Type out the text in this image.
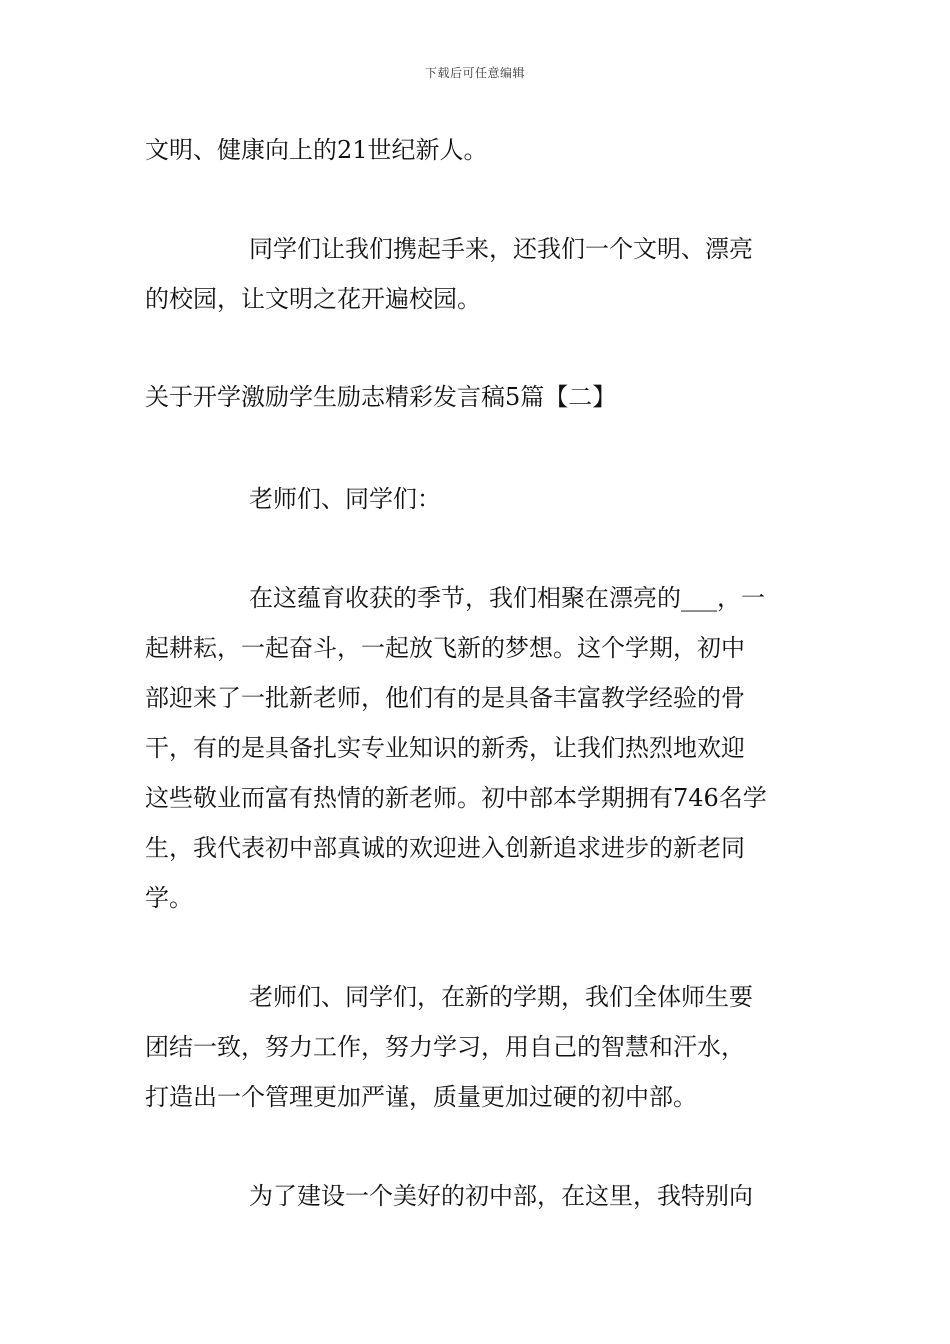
下载后可任意编辑
文明、健康向上的21世纪新人。
同学们让我们携起手来，还我们一个文明、漂亮
的校园，让文明之花开遍校园。
关于开学激励学生励志精彩发言稿5篇【二】
老师们、同学们：
在这蕴育收获的季节，我们相聚在漂亮的___，一
起耕耘，一起奋斗，一起放飞新的梦想。这个学期，初中
部迎来了一批新老师，他们有的是具备丰富教学经验的骨
干，有的是具备扎实专业知识的新秀，让我们热烈地欢迎
这些敬业而富有热情的新老师。初中部本学期拥有746名学
生，我代表初中部真诚的欢迎进入创新追求进步的新老同
学。
老师们、同学们，在新的学期，我们全体师生要
团结一致，努力工作，努力学习，用自己的智慧和汗水，
打造出一个管理更加严谨，质量更加过硬的初中部。
为了建设一个美好的初中部，在这里，我特别向
